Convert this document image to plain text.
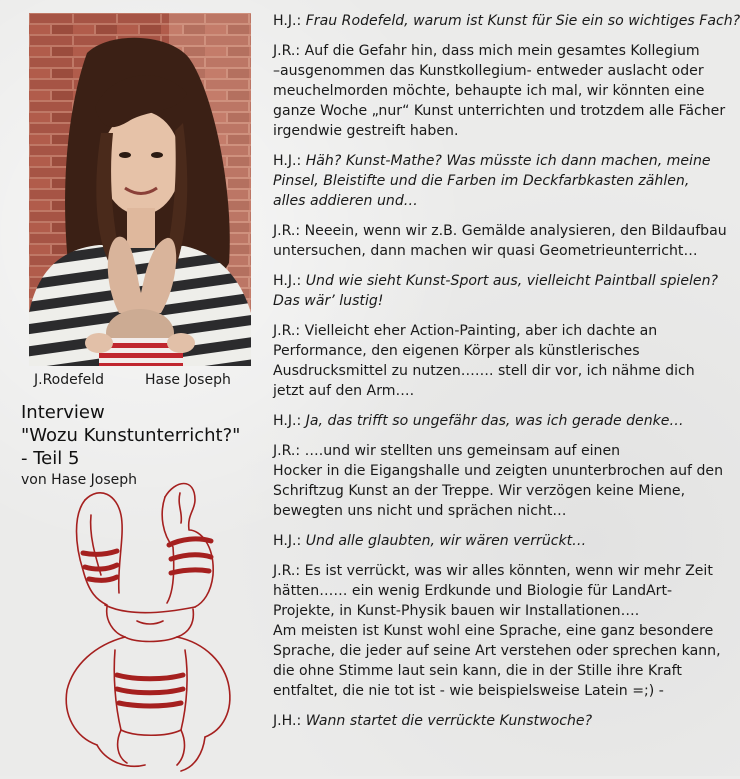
J.Rodefeld	Hase Joseph
Interview
"Wozu Kunstunterricht?"
- Teil 5
von Hase Joseph
H.J.: Frau Rodefeld, warum ist Kunst für Sie ein so wichtiges Fach?
J.R.: Auf die Gefahr hin, dass mich mein gesamtes Kollegium
–ausgenommen das Kunstkollegium- entweder auslacht oder
meuchelmorden möchte, behaupte ich mal, wir könnten eine
ganze Woche „nur“ Kunst unterrichten und trotzdem alle Fächer
irgendwie gestreift haben.
H.J.: Häh? Kunst-Mathe? Was müsste ich dann machen, meine
Pinsel, Bleistifte und die Farben im Deckfarbkasten zählen,
alles addieren und…
J.R.: Neeein, wenn wir z.B. Gemälde analysieren, den Bildaufbau
untersuchen, dann machen wir quasi Geometrieunterricht…
H.J.: Und wie sieht Kunst-Sport aus, vielleicht Paintball spielen?
Das wär’ lustig!
J.R.: Vielleicht eher Action-Painting, aber ich dachte an
Performance, den eigenen Körper als künstlerisches
Ausdrucksmittel zu nutzen……. stell dir vor, ich nähme dich
jetzt auf den Arm….
H.J.: Ja, das trifft so ungefähr das, was ich gerade denke…
J.R.: ….und wir stellten uns gemeinsam auf einen
Hocker in die Eigangshalle und zeigten ununterbrochen auf den
Schriftzug Kunst an der Treppe. Wir verzögen keine Miene,
bewegten uns nicht und sprächen nicht…
H.J.: Und alle glaubten, wir wären verrückt…
J.R.: Es ist verrückt, was wir alles könnten, wenn wir mehr Zeit
hätten…… ein wenig Erdkunde und Biologie für LandArt-
Projekte, in Kunst-Physik bauen wir Installationen….
Am meisten ist Kunst wohl eine Sprache, eine ganz besondere
Sprache, die jeder auf seine Art verstehen oder sprechen kann,
die ohne Stimme laut sein kann, die in der Stille ihre Kraft
entfaltet, die nie tot ist - wie beispielsweise Latein =;) -
J.H.: Wann startet die verrückte Kunstwoche?
